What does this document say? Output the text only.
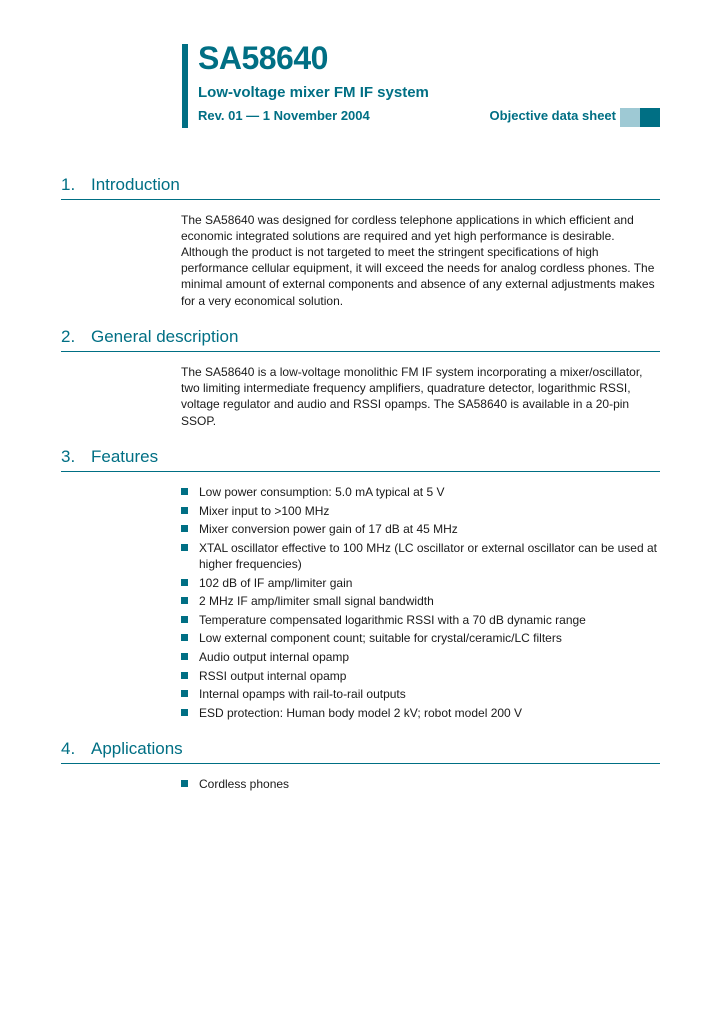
SA58640
Low-voltage mixer FM IF system
Rev. 01 — 1 November 2004	Objective data sheet
1. Introduction

The SA58640 was designed for cordless telephone applications in which efficient and economic integrated solutions are required and yet high performance is desirable.

Although the product is not targeted to meet the stringent specifications of high performance cellular equipment, it will exceed the needs for analog cordless phones. The minimal amount of external components and absence of any external adjustments makes for a very economical solution.

2. General description

The SA58640 is a low-voltage monolithic FM IF system incorporating a mixer/oscillator, two limiting intermediate frequency amplifiers, quadrature detector, logarithmic RSSI, voltage regulator and audio and RSSI opamps. The SA58640 is available in a 20-pin SSOP.

3. Features
Low power consumption: 5.0 mA typical at 5 V
Mixer input to >100 MHz
Mixer conversion power gain of 17 dB at 45 MHz
XTAL oscillator effective to 100 MHz (LC oscillator or external oscillator can be used at higher frequencies)
102 dB of IF amp/limiter gain
2 MHz IF amp/limiter small signal bandwidth
Temperature compensated logarithmic RSSI with a 70 dB dynamic range
Low external component count; suitable for crystal/ceramic/LC filters
Audio output internal opamp
RSSI output internal opamp
Internal opamps with rail-to-rail outputs
ESD protection: Human body model 2 kV; robot model 200 V
4. Applications
Cordless phones
